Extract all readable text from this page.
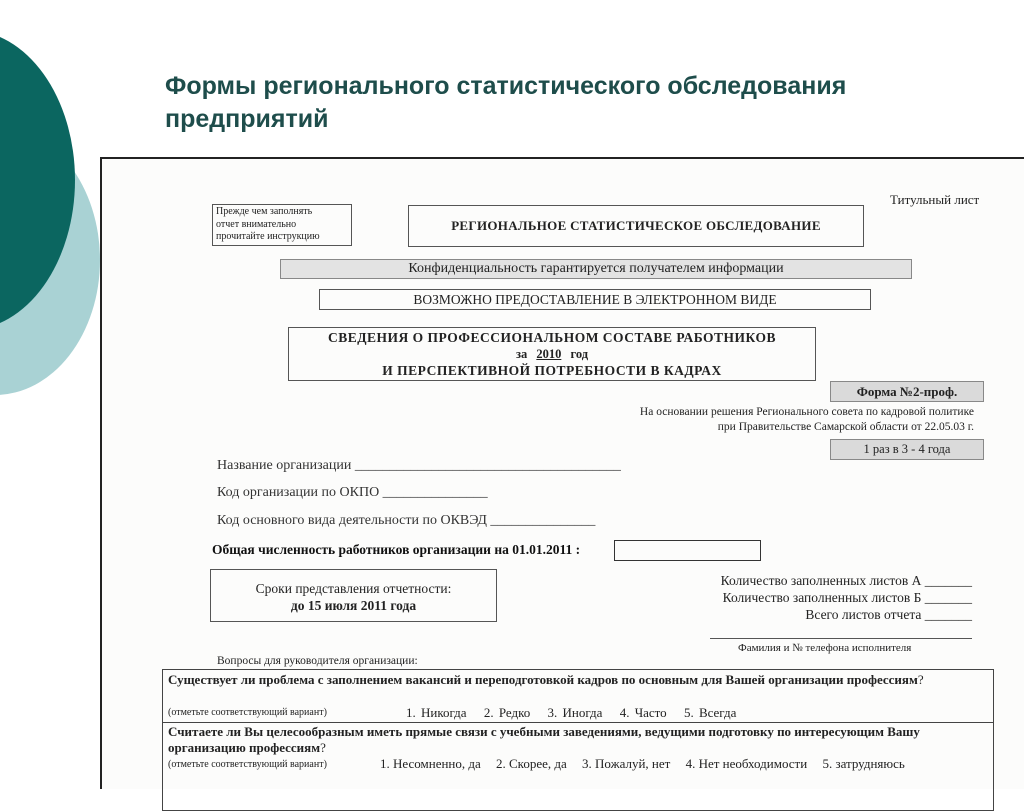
Формы регионального статистического обследования
предприятий
Титульный лист
Прежде чем заполнять
отчет внимательно
прочитайте инструкцию
РЕГИОНАЛЬНОЕ СТАТИСТИЧЕСКОЕ ОБСЛЕДОВАНИЕ
Конфиденциальность гарантируется получателем информации
ВОЗМОЖНО ПРЕДОСТАВЛЕНИЕ В ЭЛЕКТРОННОМ ВИДЕ
СВЕДЕНИЯ О ПРОФЕССИОНАЛЬНОМ СОСТАВЕ РАБОТНИКОВ
за 2010 год
И ПЕРСПЕКТИВНОЙ ПОТРЕБНОСТИ В КАДРАХ
Форма №2-проф.
На основании решения Регионального совета по кадровой политике
при Правительстве Самарской области от 22.05.03 г.
1 раз в 3 - 4 года
Название организации ______________________________________
Код организации по ОКПО _______________
Код основного вида деятельности по ОКВЭД _______________
Общая численность работников организации на 01.01.2011 :
Сроки представления отчетности:
до 15 июля 2011 года
Количество заполненных листов А _______
Количество заполненных листов Б _______
Всего листов отчета _______
Фамилия и № телефона исполнителя
Вопросы для руководителя организации:
Существует ли проблема с заполнением вакансий и переподготовкой кадров по основным для Вашей организации профессиям?
(отметьте соответствующий вариант)	1. Никогда 2. Редко 3. Иногда 4. Часто 5. Всегда
Считаете ли Вы целесообразным иметь прямые связи с учебными заведениями, ведущими подготовку по интересующим Вашу организацию профессиям?
(отметьте соответствующий вариант)	1. Несомненно, да 2. Скорее, да 3. Пожалуй, нет 4. Нет необходимости 5. затрудняюсь
